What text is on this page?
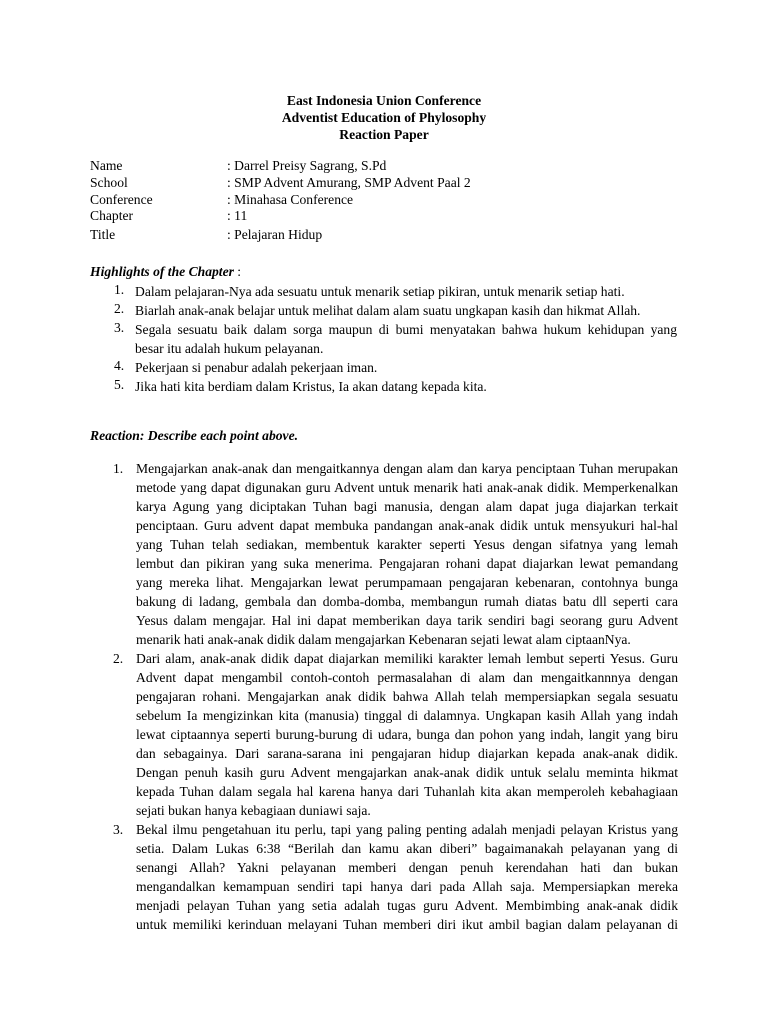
East Indonesia Union Conference
Adventist Education of Phylosophy
Reaction Paper
Name	: Darrel Preisy Sagrang, S.Pd
School	: SMP Advent Amurang, SMP Advent Paal 2
Conference	: Minahasa Conference
Chapter	: 11
Title	: Pelajaran Hidup
Highlights of the Chapter :
1. Dalam pelajaran-Nya ada sesuatu untuk menarik setiap pikiran, untuk menarik setiap hati.
2. Biarlah anak-anak belajar untuk melihat dalam alam suatu ungkapan kasih dan hikmat Allah.
3. Segala sesuatu baik dalam sorga maupun di bumi menyatakan bahwa hukum kehidupan yang
besar itu adalah hukum pelayanan.
4. Pekerjaan si penabur adalah pekerjaan iman.
5. Jika hati kita berdiam dalam Kristus, Ia akan datang kepada kita.
Reaction: Describe each point above.
1. Mengajarkan anak-anak dan mengaitkannya dengan alam dan karya penciptaan Tuhan merupakan
metode yang dapat digunakan guru Advent untuk menarik hati anak-anak didik. Memperkenalkan
karya Agung yang diciptakan Tuhan bagi manusia, dengan alam dapat juga diajarkan terkait
penciptaan. Guru advent dapat membuka pandangan anak-anak didik untuk mensyukuri hal-hal
yang Tuhan telah sediakan, membentuk karakter seperti Yesus dengan sifatnya yang lemah
lembut dan pikiran yang suka menerima. Pengajaran rohani dapat diajarkan lewat pemandang
yang mereka lihat. Mengajarkan lewat perumpamaan pengajaran kebenaran, contohnya bunga
bakung di ladang, gembala dan domba-domba, membangun rumah diatas batu dll seperti cara
Yesus dalam mengajar. Hal ini dapat memberikan daya tarik sendiri bagi seorang guru Advent
menarik hati anak-anak didik dalam mengajarkan Kebenaran sejati lewat alam ciptaanNya.
2. Dari alam, anak-anak didik dapat diajarkan memiliki karakter lemah lembut seperti Yesus. Guru
Advent dapat mengambil contoh-contoh permasalahan di alam dan mengaitkannnya dengan
pengajaran rohani. Mengajarkan anak didik bahwa Allah telah mempersiapkan segala sesuatu
sebelum Ia mengizinkan kita (manusia) tinggal di dalamnya. Ungkapan kasih Allah yang indah
lewat ciptaannya seperti burung-burung di udara, bunga dan pohon yang indah, langit yang biru
dan sebagainya. Dari sarana-sarana ini pengajaran hidup diajarkan kepada anak-anak didik.
Dengan penuh kasih guru Advent mengajarkan anak-anak didik untuk selalu meminta hikmat
kepada Tuhan dalam segala hal karena hanya dari Tuhanlah kita akan memperoleh kebahagiaan
sejati bukan hanya kebagiaan duniawi saja.
3. Bekal ilmu pengetahuan itu perlu, tapi yang paling penting adalah menjadi pelayan Kristus yang
setia. Dalam Lukas 6:38 “Berilah dan kamu akan diberi” bagaimanakah pelayanan yang di
senangi Allah? Yakni pelayanan memberi dengan penuh kerendahan hati dan bukan
mengandalkan kemampuan sendiri tapi hanya dari pada Allah saja. Mempersiapkan mereka
menjadi pelayan Tuhan yang setia adalah tugas guru Advent. Membimbing anak-anak didik
untuk memiliki kerinduan melayani Tuhan memberi diri ikut ambil bagian dalam pelayanan di
